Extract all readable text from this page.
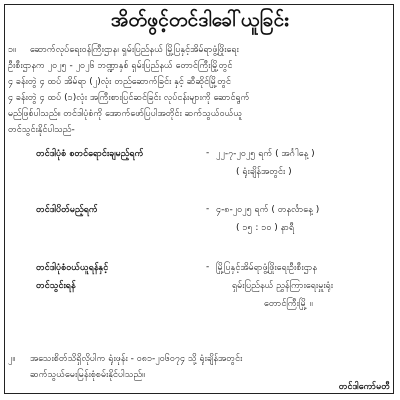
အိတ်ဖွင့်တင်ဒါခေါ်ယူခြင်း
၁။ ဆောက်လုပ်ရေးဝန်ကြီးဌာန၊ ရှမ်းပြည်နယ် မြို့ပြနှင့်အိမ်ရာဖွံ့ဖြိုးရေး
ဦးစီးဌာနက ၂၀၂၅ - ၂၀၂၆ ဘဏ္ဍာနှစ် ရှမ်းပြည်နယ် တောင်ကြီးမြို့တွင်
၄ ခန်းတွဲ ၄ ထပ် အိမ်ရာ (၂)လုံး တည်ဆောက်ခြင်း နှင့် ဆီဆိုင်မြို့တွင်
၄ ခန်းတွဲ ၄ ထပ် (၁)လုံး အကြီးစားပြင်ဆင်ခြင်း လုပ်ငန်းများကို ဆောင်ရွက်
မည်ဖြစ်ပါသည်။ တင်ဒါပုံစံကို အောက်ဖော်ပြပါအတိုင်း ဆက်သွယ်ဝယ်ယူ
တင်သွင်းနိုင်ပါသည်-
တင်ဒါပုံစံ စတင်ရောင်းချမည့်ရက်	- ၂၂-၇-၂၀၂၅ ရက် ( အင်္ဂါနေ့ )
( ရုံးချိန်အတွင်း )
တင်ဒါပိတ်မည့်ရက်	- ၄-၈-၂၀၂၅ ရက် ( တနင်္လာနေ့ )
( ၁၅ : ၁၀ ) နာရီ
တင်ဒါပုံစံဝယ်ယူရန်နှင့်
တင်သွင်းရန်
- မြို့ပြနှင့်အိမ်ရာဖွံ့ဖြိုးရေးဦးစီးဌာန
ရှမ်းပြည်နယ် ညွှန်ကြားရေးမှူးရုံး
တောင်ကြီးမြို့ ။
၂။ အသေးစိတ်သိရှိလိုပါက ရုံးဖုန်း - ၀၈၁-၂၀၆၀၇၄ သို့ ရုံးချိန်အတွင်း
ဆက်သွယ်မေးမြန်းစုံစမ်းနိုင်ပါသည်။
တင်ဒါကော်မတီ
